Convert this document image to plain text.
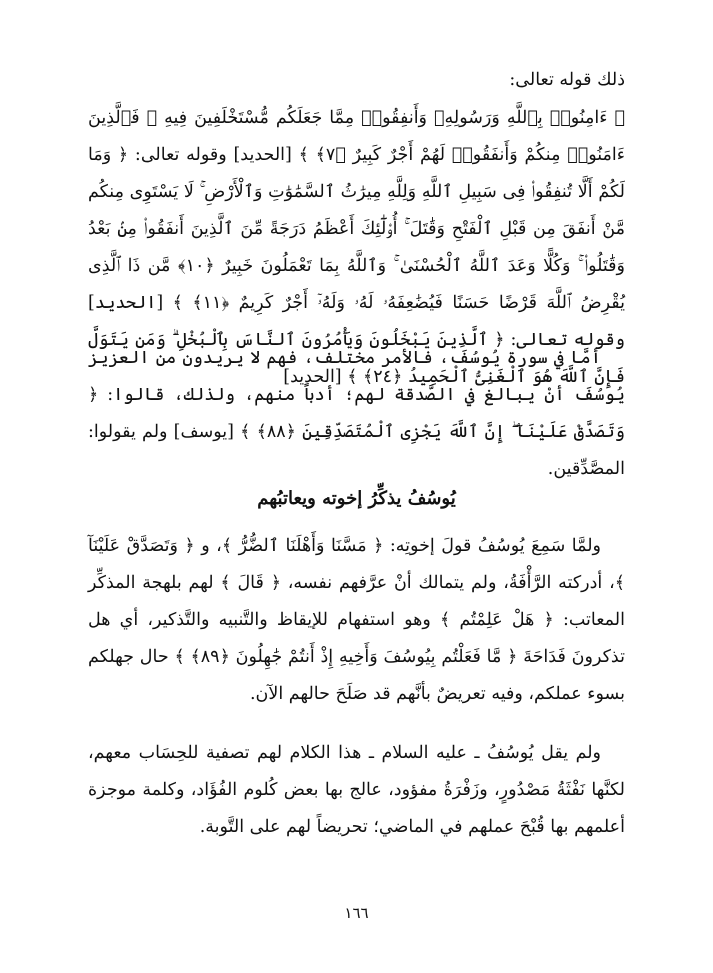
ذلك قوله تعالى:

﴿ ءَامِنُوا۟ بِٱللَّهِ وَرَسُولِهِۦ وَأَنفِقُوا۟ مِمَّا جَعَلَكُم مُّسْتَخْلَفِينَ فِيهِ ۖ فَٱلَّذِينَ ءَامَنُوا۟ مِنكُمْ وَأَنفَقُوا۟ لَهُمْ أَجْرٌ كَبِيرٌ ﴿٧﴾ ﴾ [الحديد] وقوله تعالى: ﴿ وَمَا لَكُمْ أَلَّا تُنفِقُوا۟ فِى سَبِيلِ ٱللَّهِ وَلِلَّهِ مِيرَٰثُ ٱلسَّمَٰوَٰتِ وَٱلْأَرْضِ ۚ لَا يَسْتَوِى مِنكُم مَّنْ أَنفَقَ مِن قَبْلِ ٱلْفَتْحِ وَقَٰتَلَ ۚ أُو۟لَٰٓئِكَ أَعْظَمُ دَرَجَةً مِّنَ ٱلَّذِينَ أَنفَقُوا۟ مِنۢ بَعْدُ وَقَٰتَلُوا۟ ۚ وَكُلًّا وَعَدَ ٱللَّهُ ٱلْحُسْنَىٰ ۚ وَٱللَّهُ بِمَا تَعْمَلُونَ خَبِيرٌ ﴿١٠﴾ مَّن ذَا ٱلَّذِى يُقْرِضُ ٱللَّهَ قَرْضًا حَسَنًا فَيُضَٰعِفَهُۥ لَهُۥ وَلَهُۥٓ أَجْرٌ كَرِيمٌ ﴿١١﴾ ﴾ [الحديد] وقوله تعالى: ﴿ ٱلَّذِينَ يَبْخَلُونَ وَيَأْمُرُونَ ٱلنَّاسَ بِٱلْبُخْلِ ۗ وَمَن يَتَوَلَّ فَإِنَّ ٱللَّهَ هُوَ ٱلْغَنِىُّ ٱلْحَمِيدُ ﴿٢٤﴾ ﴾ [الحديد]

أمَّا في سورة يُوسُفَ، فالأمر مختلف، فهم لا يريدون من العزيز يُوسُفَ أنْ يبالغ في الصَّدقة لهم؛ أدباً منهم، ولذلك، قالوا: ﴿ وَتَصَدَّقْ عَلَيْنَآ ۖ إِنَّ ٱللَّهَ يَجْزِى ٱلْمُتَصَدِّقِينَ ﴿٨٨﴾ ﴾ [يوسف] ولم يقولوا: المصَّدِّقين.

يُوسُفُ يذكِّرُ إخوته ويعاتبُهم

ولمَّا سَمِعَ يُوسُفُ قولَ إخوتِه: ﴿ مَسَّنَا وَأَهْلَنَا ٱلضُّرُّ ﴾، و ﴿ وَتَصَدَّقْ عَلَيْنَآ ﴾، أدركته الرَّأْفَةُ، ولم يتمالك أنْ عرَّفهم نفسه، ﴿ قَالَ ﴾ لهم بلهجة المذكِّر المعاتب: ﴿ هَلْ عَلِمْتُم ﴾ وهو استفهام للإيقاظ والتَّنبيه والتَّذكير، أي هل تذكرونَ فَدَاحَةَ ﴿ مَّا فَعَلْتُم بِيُوسُفَ وَأَخِيهِ إِذْ أَنتُمْ جَٰهِلُونَ ﴿٨٩﴾ ﴾ حال جهلكم بسوء عملكم، وفيه تعريضٌ بأنَّهم قد صَلَحَ حالهم الآن.

ولم يقل يُوسُفُ ـ عليه السلام ـ هذا الكلام لهم تصفية للحِسَاب معهم، لكنَّها نَفْثَةُ مَصْدُورٍ، وزَفْرَةُ مفؤود، عالج بها بعض كُلوم الفُؤَاد، وكلمة موجزة أعلمهم بها قُبْحَ عملهم في الماضي؛ تحريضاً لهم على التَّوبة.

١٦٦
